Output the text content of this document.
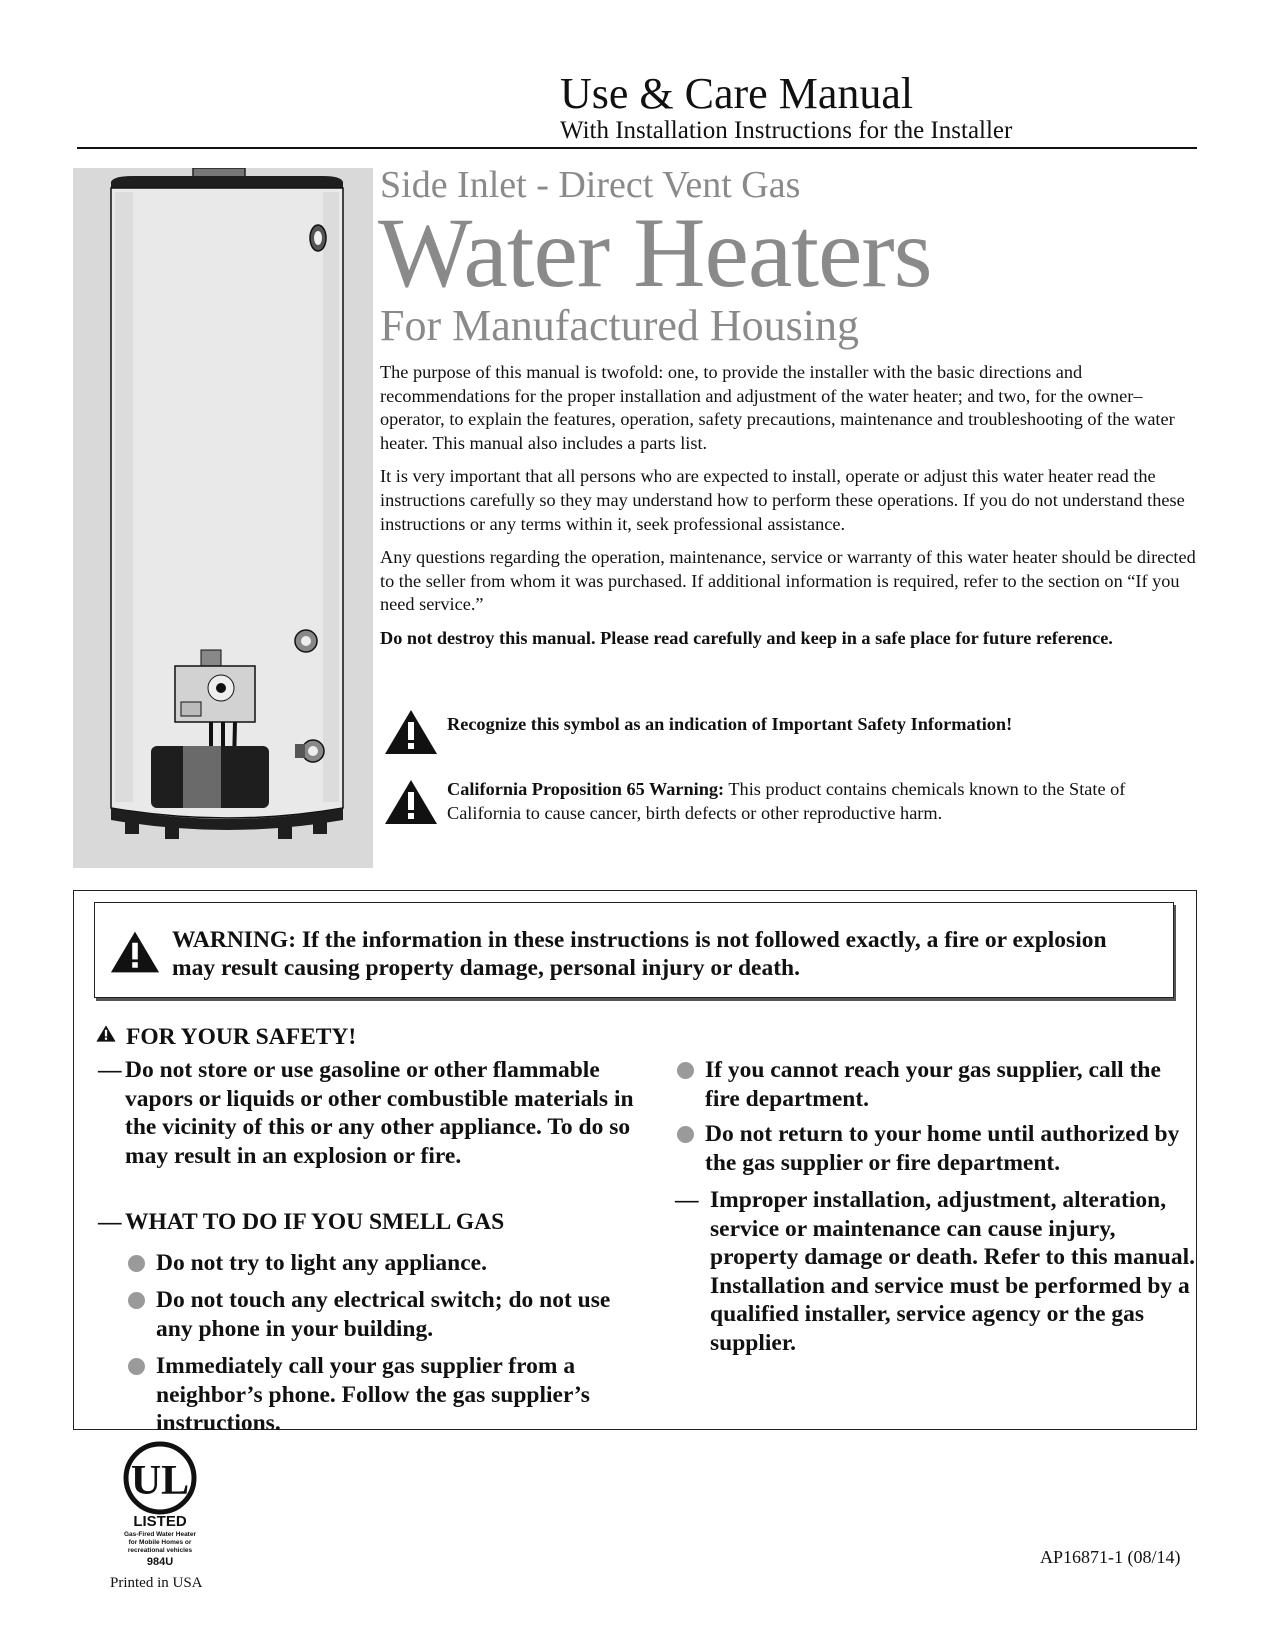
Use & Care Manual
With Installation Instructions for the Installer
Side Inlet - Direct Vent Gas
Water Heaters
For Manufactured Housing

The purpose of this manual is twofold: one, to provide the installer with the basic directions and recommendations for the proper installation and adjustment of the water heater; and two, for the owner–operator, to explain the features, operation, safety precautions, maintenance and troubleshooting of the water heater. This manual also includes a parts list.

It is very important that all persons who are expected to install, operate or adjust this water heater read the instructions carefully so they may understand how to perform these operations. If you do not understand these instructions or any terms within it, seek professional assistance.

Any questions regarding the operation, maintenance, service or warranty of this water heater should be directed to the seller from whom it was purchased. If additional information is required, refer to the section on “If you need service.”

Do not destroy this manual. Please read carefully and keep in a safe place for future reference.

Recognize this symbol as an indication of Important Safety Information!
California Proposition 65 Warning: This product contains chemicals known to the State of California to cause cancer, birth defects or other reproductive harm.
WARNING: If the information in these instructions is not followed exactly, a fire or explosion may result causing property damage, personal injury or death.
FOR YOUR SAFETY!
— Do not store or use gasoline or other flammable vapors or liquids or other combustible materials in the vicinity of this or any other appliance. To do so may result in an explosion or fire.
— WHAT TO DO IF YOU SMELL GAS
Do not try to light any appliance.
Do not touch any electrical switch; do not use any phone in your building.
Immediately call your gas supplier from a neighbor’s phone. Follow the gas supplier’s instructions.
If you cannot reach your gas supplier, call the fire department.
Do not return to your home until authorized by the gas supplier or fire department.
— Improper installation, adjustment, alteration, service or maintenance can cause injury, property damage or death. Refer to this manual. Installation and service must be performed by a qualified installer, service agency or the gas supplier.
UL
LISTED
Gas-Fired Water Heater
for Mobile Homes or
recreational vehicles
984U
Printed in USA
AP16871-1 (08/14)
